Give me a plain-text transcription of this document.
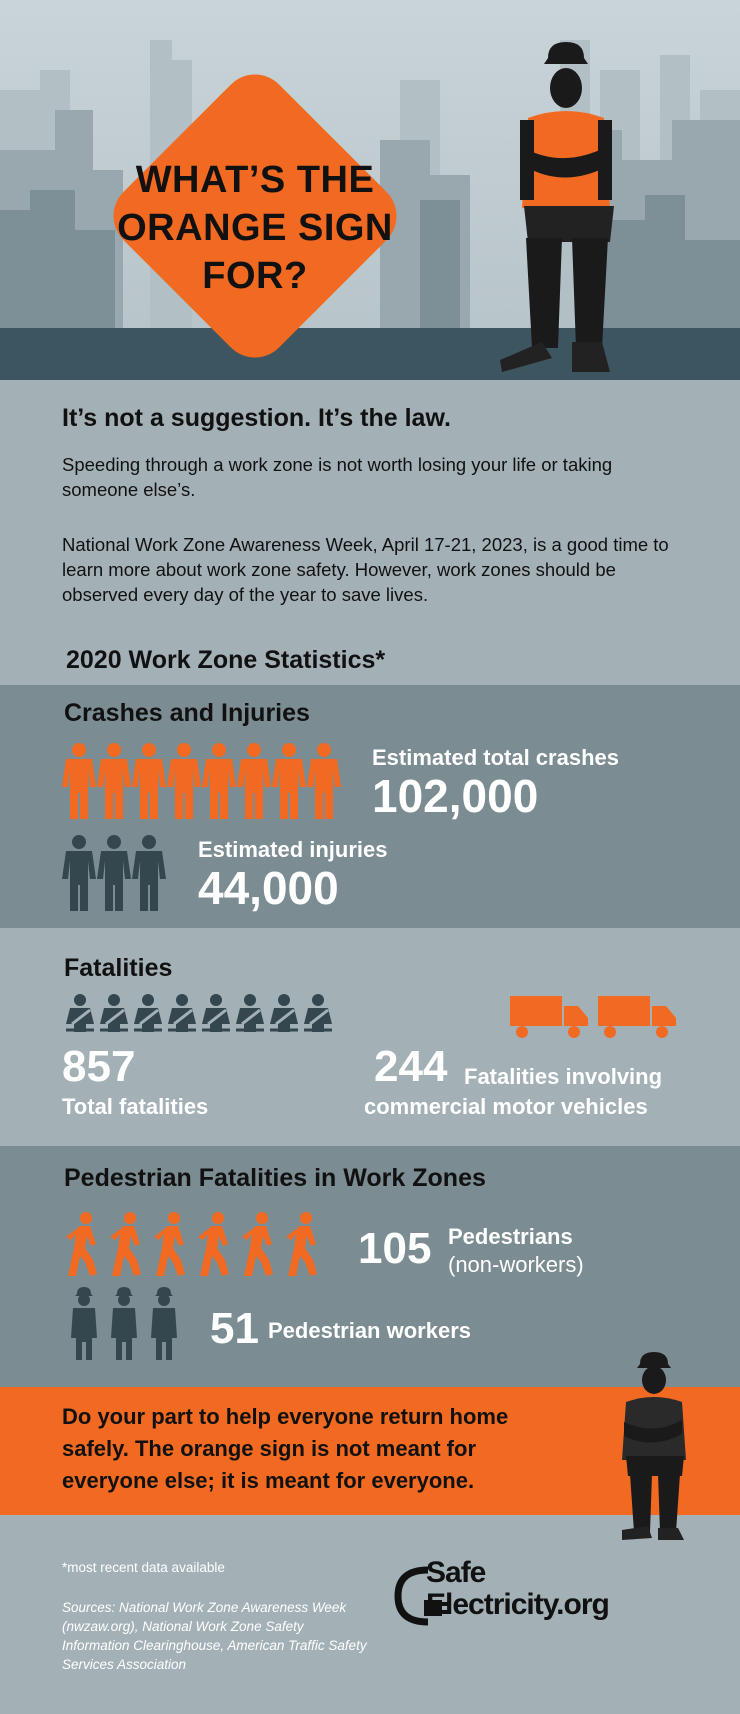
WHAT’S THE
ORANGE SIGN
FOR?
It’s not a suggestion. It’s the law.
Speeding through a work zone is not worth losing your life or taking someone else’s.
National Work Zone Awareness Week, April 17-21, 2023, is a good time to learn more about work zone safety. However, work zones should be observed every day of the year to save lives.
2020 Work Zone Statistics*
Crashes and Injuries
Estimated total crashes
102,000
Estimated injuries
44,000
Fatalities
857
Total fatalities
244 Fatalities involving
commercial motor vehicles
Pedestrian Fatalities in Work Zones
105 Pedestrians
(non-workers)
51 Pedestrian workers
Do your part to help everyone return home
safely. The orange sign is not meant for
everyone else; it is meant for everyone.
*most recent data available
Sources: National Work Zone Awareness Week (nwzaw.org), National Work Zone Safety Information Clearinghouse, American Traffic Safety Services Association
Safe
Electricity.org
